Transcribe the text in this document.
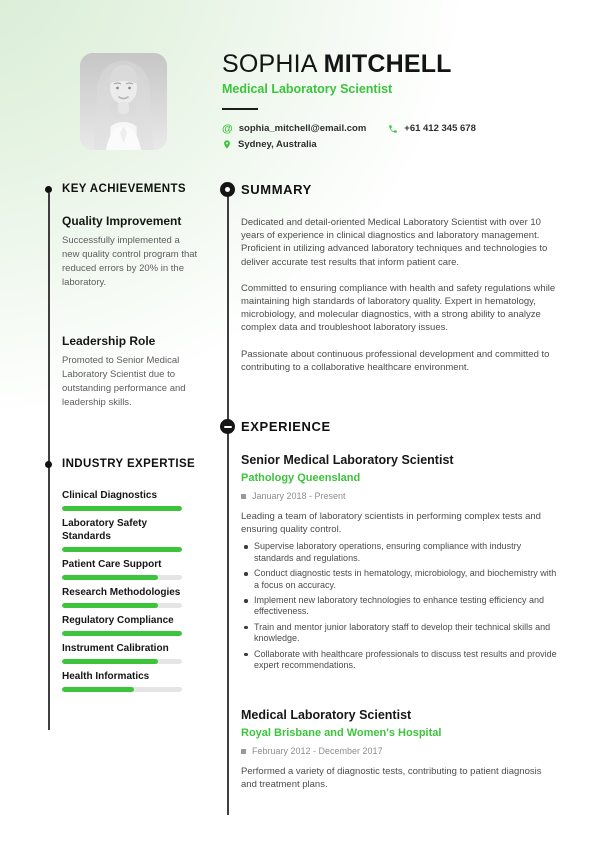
SOPHIA MITCHELL
Medical Laboratory Scientist
@ sophia_mitchell@email.com	+61 412 345 678
Sydney, Australia
KEY ACHIEVEMENTS
Quality Improvement
Successfully implemented a new quality control program that reduced errors by 20% in the laboratory.
Leadership Role
Promoted to Senior Medical Laboratory Scientist due to outstanding performance and leadership skills.
INDUSTRY EXPERTISE
Clinical Diagnostics
Laboratory Safety Standards
Patient Care Support
Research Methodologies
Regulatory Compliance
Instrument Calibration
Health Informatics
SUMMARY

Dedicated and detail-oriented Medical Laboratory Scientist with over 10 years of experience in clinical diagnostics and laboratory management. Proficient in utilizing advanced laboratory techniques and technologies to deliver accurate test results that inform patient care.

Committed to ensuring compliance with health and safety regulations while maintaining high standards of laboratory quality. Expert in hematology, microbiology, and molecular diagnostics, with a strong ability to analyze complex data and troubleshoot laboratory issues.

Passionate about continuous professional development and committed to contributing to a collaborative healthcare environment.

EXPERIENCE
Senior Medical Laboratory Scientist
Pathology Queensland
January 2018 - Present
Leading a team of laboratory scientists in performing complex tests and ensuring quality control.
Supervise laboratory operations, ensuring compliance with industry standards and regulations.
Conduct diagnostic tests in hematology, microbiology, and biochemistry with a focus on accuracy.
Implement new laboratory technologies to enhance testing efficiency and effectiveness.
Train and mentor junior laboratory staff to develop their technical skills and knowledge.
Collaborate with healthcare professionals to discuss test results and provide expert recommendations.
Medical Laboratory Scientist
Royal Brisbane and Women's Hospital
February 2012 - December 2017
Performed a variety of diagnostic tests, contributing to patient diagnosis and treatment plans.
